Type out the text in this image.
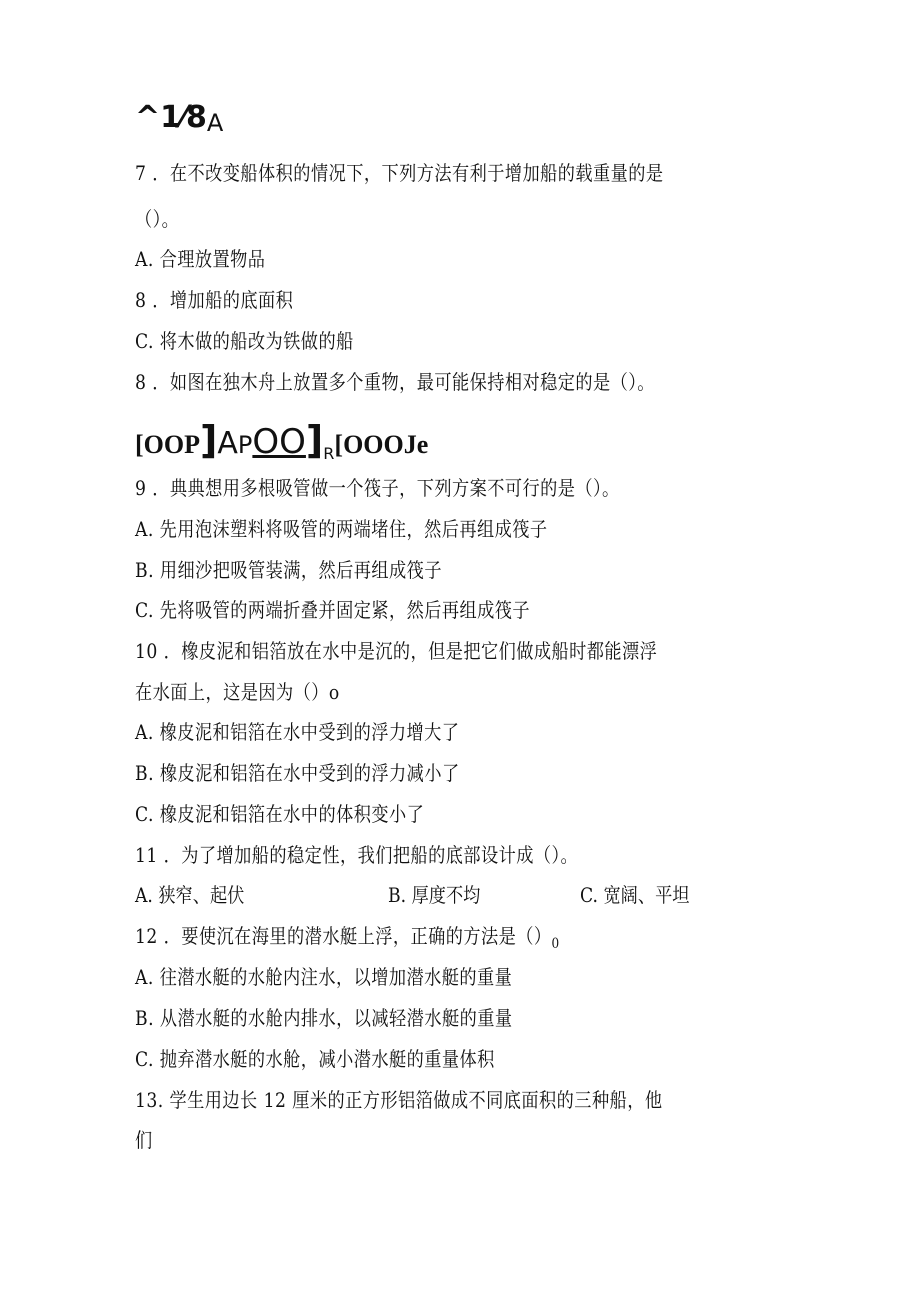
^1⁄8A
7 ．在不改变船体积的情况下，下列方法有利于增加船的载重量的是
（）。
A. 合理放置物品
8 ．增加船的底面积
C. 将木做的船改为铁做的船
8 ．如图在独木舟上放置多个重物，最可能保持相对稳定的是（）。
$[OOP]APOO]_R[OOOJe$
9 ．典典想用多根吸管做一个筏子，下列方案不可行的是（）。
A. 先用泡沫塑料将吸管的两端堵住，然后再组成筏子
B. 用细沙把吸管装满，然后再组成筏子
C. 先将吸管的两端折叠并固定紧，然后再组成筏子
10 ．橡皮泥和铝箔放在水中是沉的，但是把它们做成船时都能漂浮
在水面上，这是因为（）o
A. 橡皮泥和铝箔在水中受到的浮力增大了
B. 橡皮泥和铝箔在水中受到的浮力减小了
C. 橡皮泥和铝箔在水中的体积变小了
11 ．为了增加船的稳定性，我们把船的底部设计成（）。
A. 狭窄、起伏	B. 厚度不均	C. 宽阔、平坦
12 ．要使沉在海里的潜水艇上浮，正确的方法是$()_0$
A. 往潜水艇的水舱内注水，以增加潜水艇的重量
B. 从潜水艇的水舱内排水，以减轻潜水艇的重量
C. 抛弃潜水艇的水舱，减小潜水艇的重量体积
13. 学生用边长 12 厘米的正方形铝箔做成不同底面积的三种船，他
们
